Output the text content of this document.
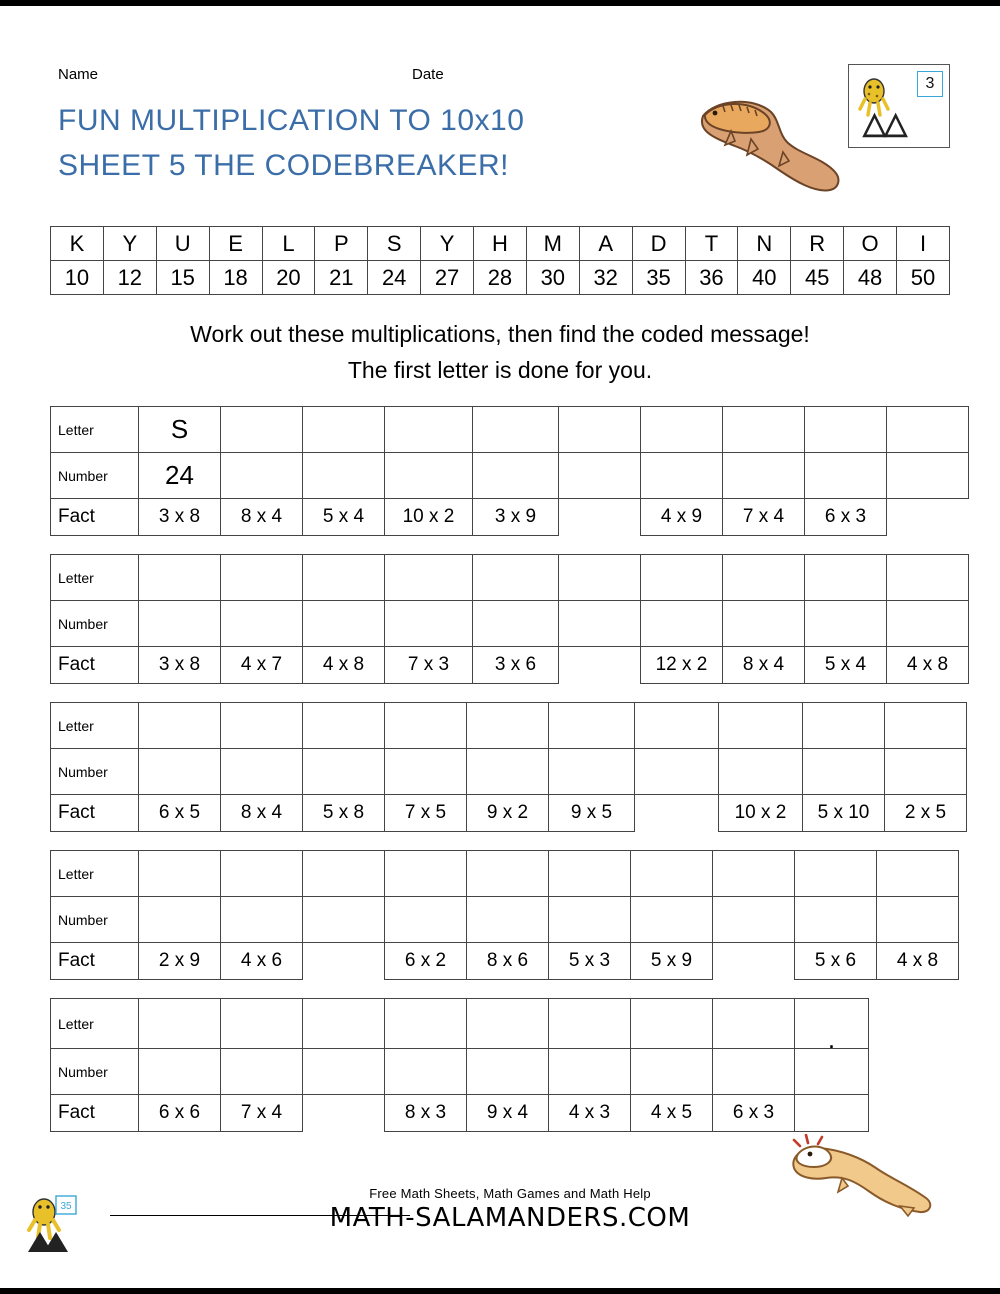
Name	Date
FUN MULTIPLICATION TO 10x10
SHEET 5 THE CODEBREAKER!
3
△△
K	Y	U	E	L	P	S	Y	H	M	A	D	T	N	R	O	I
10	12	15	18	20	21	24	27	28	30	32	35	36	40	45	48	50
Work out these multiplications, then find the coded message!
The first letter is done for you.
Letter	S									
Number	24									
Fact	3 x 8	8 x 4	5 x 4	10 x 2	3 x 9		4 x 9	7 x 4	6 x 3	
Letter										
Number										
Fact	3 x 8	4 x 7	4 x 8	7 x 3	3 x 6		12 x 2	8 x 4	5 x 4	4 x 8
Letter										
Number										
Fact	6 x 5	8 x 4	5 x 8	7 x 5	9 x 2	9 x 5		10 x 2	5 x 10	2 x 5
Letter										
Number										
Fact	2 x 9	4 x 6		6 x 2	8 x 6	5 x 3	5 x 9		5 x 6	4 x 8
Letter									.
Number									
Fact	6 x 6	7 x 4		8 x 3	9 x 4	4 x 3	4 x 5	6 x 3	
35
Free Math Sheets, Math Games and Math Help
MATH-SALAMANDERS.COM
